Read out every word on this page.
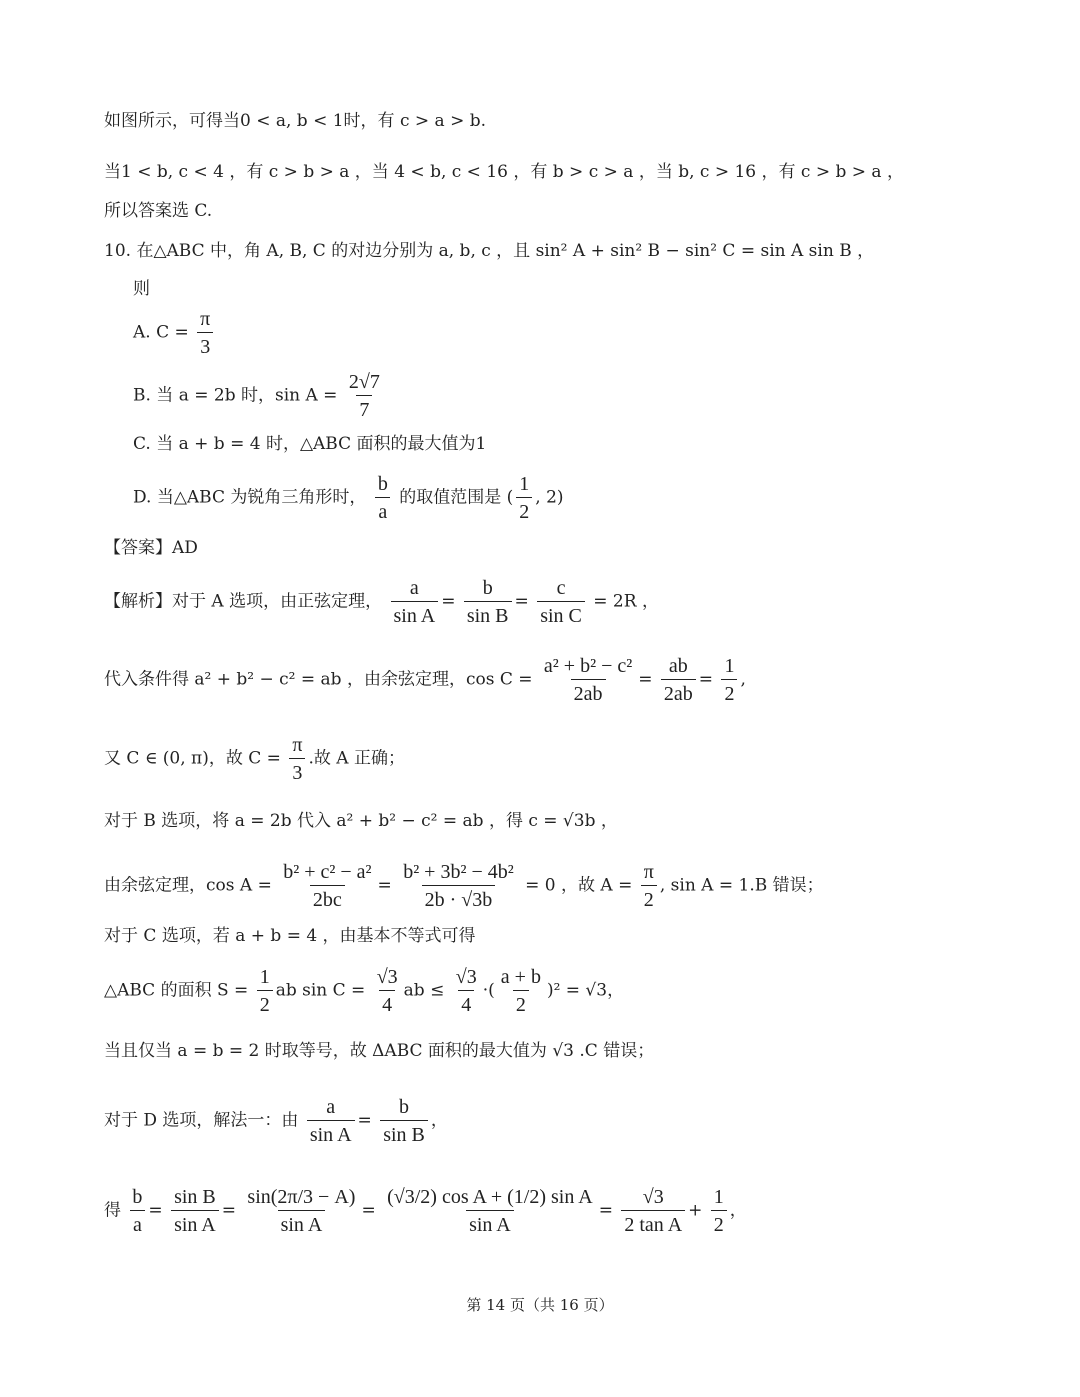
如图所示，可得当0 < a, b < 1时，有 c > a > b.
当1 < b, c < 4 ，有 c > b > a ，当 4 < b, c < 16 ，有 b > c > a ，当 b, c > 16 ，有 c > b > a ，
所以答案选 C.
10. 在△ABC 中，角 A, B, C 的对边分别为 a, b, c ，且 sin² A + sin² B − sin² C = sin A sin B ，
则
A. $C = \frac{\pi}{3}$
B. 当 a = 2b 时，$\sin A = \frac{2√7}{7}$
C. 当 a + b = 4 时，△ABC 面积的最大值为1
D. 当△ABC 为锐角三角形时， $\frac{b}{a}$ 的取值范围是 ( $\frac{1}{2}$ , 2)
【答案】AD
【解析】对于 A 选项，由正弦定理， $\frac{a}{\text{sin A}} = \frac{b}{\text{sin B}} = \frac{c}{\text{sin C}} = 2R$ ，
代入条件得 a² + b² − c² = ab ，由余弦定理，$\cos C = \frac{\text{a² + b² − c²}}{2ab} = \frac{ab}{2ab} = \frac{1}{2}$ ,
又 C ∈ (0, π)，故 $C = \frac{\pi}{3}$ .故 A 正确；
对于 B 选项，将 a = 2b 代入 a² + b² − c² = ab ，得 c = √3b ，
由余弦定理，$\cos A = \frac{\text{b² + c² − a²}}{2bc} = \frac{\text{b² + 3b² − 4b²}}{2b \cdot √3b} = 0$ ，故 $A = \frac{\pi}{2}$ , sin A = 1.B 错误；
对于 C 选项，若 a + b = 4 ，由基本不等式可得
△ABC 的面积 $S = \frac{1}{2}$ ab $\sin C = \frac{√3}{4}$ ab ≤ $\frac{√3}{4}$ ·( $\frac{a + b}{2} )^2 = √3$，
当且仅当 a = b = 2 时取等号，故 ΔABC 面积的最大值为 √3 .C 错误；
对于 D 选项，解法一：由 $\frac{a}{\text{sin A}} = \frac{b}{\text{sin B}}$ ，
得 $\frac{b}{a} = \frac{\text{sin B}}{\text{sin A}} = \frac{\sin(2\pi/3 - A)}{\text{sin A}} = \frac{\text{(√3/2) cos A + (1/2) sin A}}{\text{sin A}} = \frac{√3}{\text{2 tan A}} + \frac{1}{2}$ ，
第 14 页（共 16 页）
